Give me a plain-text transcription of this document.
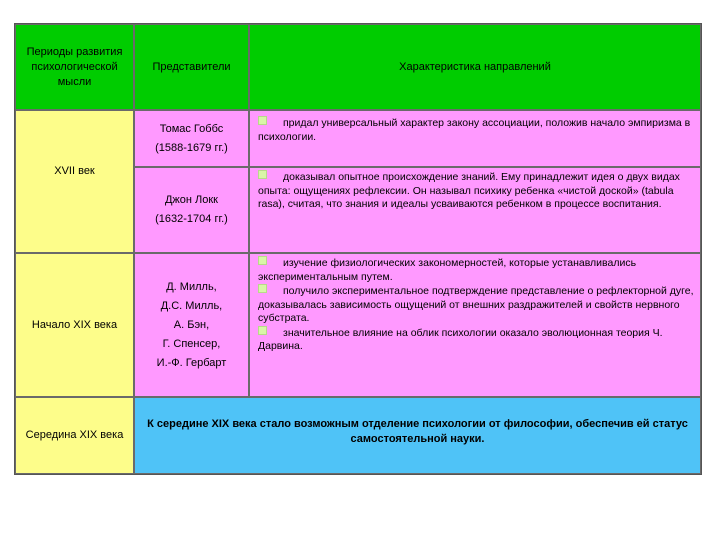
Периоды развития психологической мысли
Представители	Характеристика направлений
XVII век
Томас Гоббс
(1588-1679 гг.)
придал универсальный характер закону ассоциации, положив начало эмпиризма в психологии.
Джон Локк
(1632-1704 гг.)
доказывал опытное происхождение знаний. Ему принадлежит идея о двух видах опыта: ощущениях рефлексии. Он называл психику ребенка «чистой доской» (tabula rasa), считая, что знания и идеалы усваиваются ребенком в процессе воспитания.
Начало XIX века
Д. Милль,
Д.С. Милль,
А. Бэн,
Г. Спенсер,
И.-Ф. Гербарт
изучение физиологических закономерностей, которые устанавливались экспериментальным путем.
получило экспериментальное подтверждение представление о рефлекторной дуге, доказывалась зависимость ощущений от внешних раздражителей и свойств нервного субстрата.
значительное влияние на облик психологии оказало эволюционная теория Ч. Дарвина.
Середина XIX века
К середине XIX века стало возможным отделение психологии от философии, обеспечив ей статус самостоятельной науки.
